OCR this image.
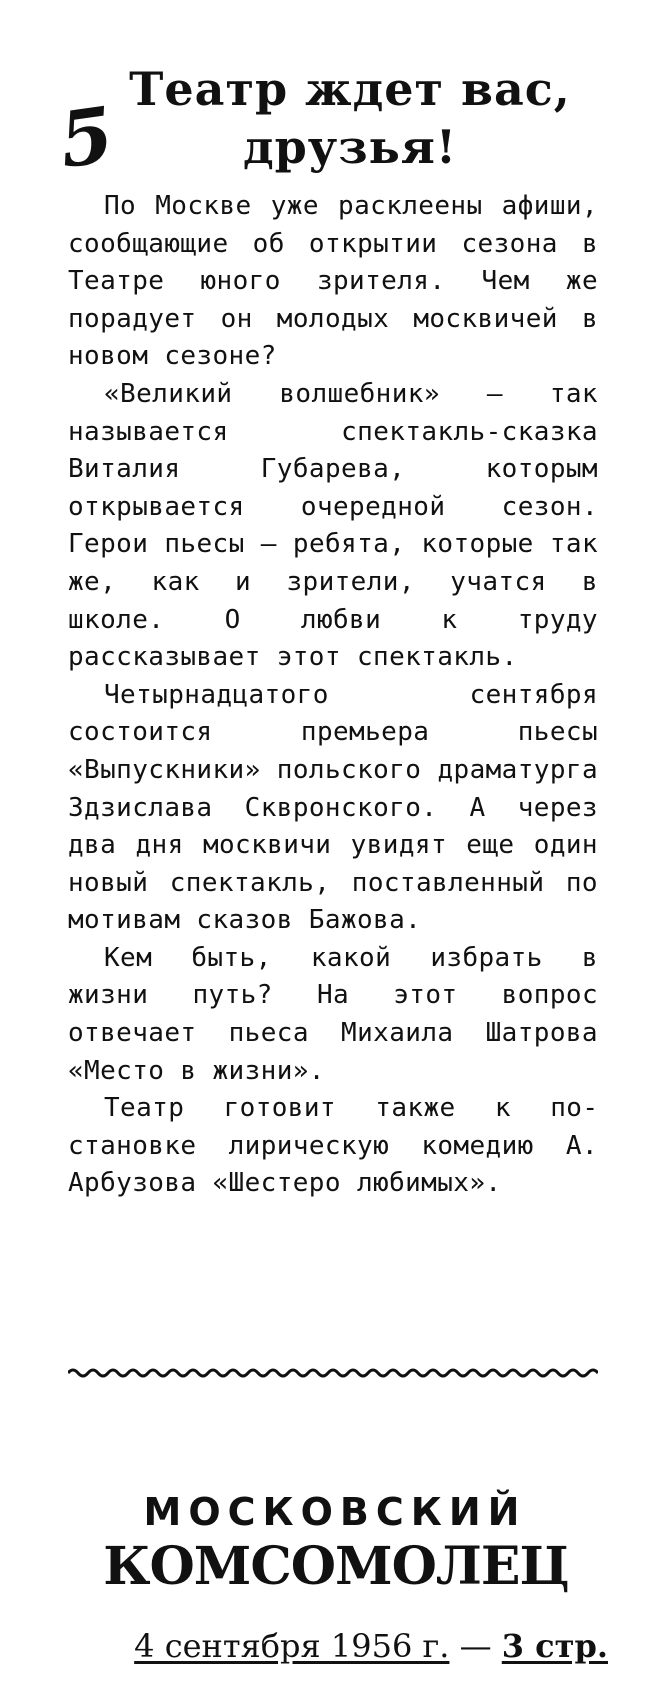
5
Театр ждет вас,
друзья!

По Москве уже расклеены афиши, сообщающие об открытии сезона в Театре юного зрителя. Чем же порадует он молодых москвичей в новом сезоне?

«Великий волшебник» — так называется спектакль-сказка Виталия Губарева, которым открывается очередной сезон. Герои пьесы — ребята, которые так же, как и зрители, учатся в школе. О любви к труду рассказывает этот спектакль.

Четырнадцатого сентября состоится премьера пьесы «Выпускники» польского драматурга Здзислава Сквронского. А через два дня москвичи увидят еще один новый спектакль, поставленный по мотивам сказов Бажова.

Кем быть, какой избрать в жизни путь? На этот вопрос отвечает пьеса Михаила Шатрова «Место в жизни».

Театр готовит также к постановке лирическую комедию А. Арбузова «Шестеро любимых».

МОСКОВСКИЙ
КОМСОМОЛЕЦ
4 сентября 1956 г. — 3 стр.
